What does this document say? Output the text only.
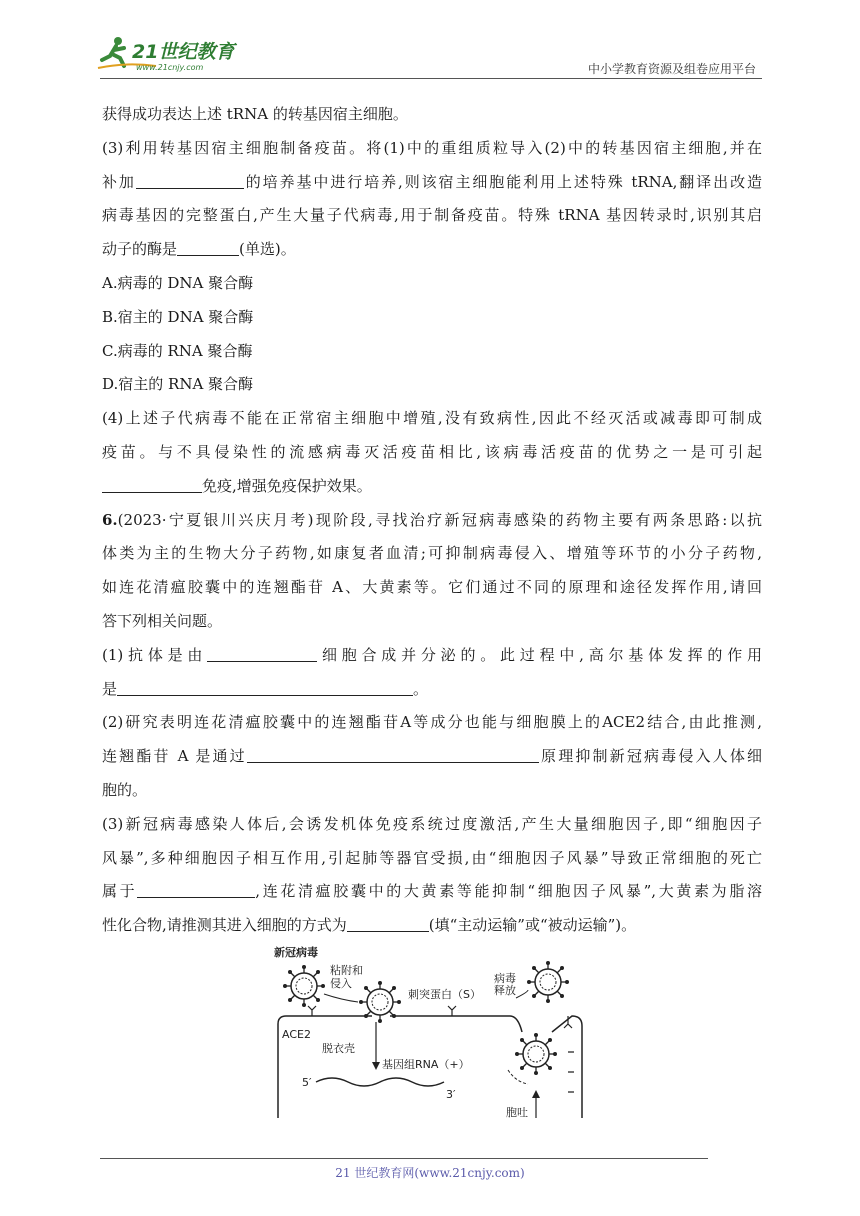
21世纪教育
www.21cnjy.com	中小学教育资源及组卷应用平台
获得成功表达上述 tRNA 的转基因宿主细胞。
(3)利用转基因宿主细胞制备疫苗。将(1)中的重组质粒导入(2)中的转基因宿主细胞,并在
补加	的培养基中进行培养,则该宿主细胞能利用上述特殊 tRNA,翻译出改造
病毒基因的完整蛋白,产生大量子代病毒,用于制备疫苗。特殊 tRNA 基因转录时,识别其启
动子的酶是	(单选)。
A.病毒的 DNA 聚合酶
B.宿主的 DNA 聚合酶
C.病毒的 RNA 聚合酶
D.宿主的 RNA 聚合酶
(4)上述子代病毒不能在正常宿主细胞中增殖,没有致病性,因此不经灭活或减毒即可制成
疫苗。与不具侵染性的流感病毒灭活疫苗相比,该病毒活疫苗的优势之一是可引起
免疫,增强免疫保护效果。
6.(2023·宁夏银川兴庆月考)现阶段,寻找治疗新冠病毒感染的药物主要有两条思路:以抗
体类为主的生物大分子药物,如康复者血清;可抑制病毒侵入、增殖等环节的小分子药物,
如连花清瘟胶囊中的连翘酯苷 A、大黄素等。它们通过不同的原理和途径发挥作用,请回
答下列相关问题。
(1)抗体是由	细胞合成并分泌的。此过程中,高尔基体发挥的作用
是	。
(2)研究表明连花清瘟胶囊中的连翘酯苷A等成分也能与细胞膜上的ACE2结合,由此推测,
连翘酯苷 A 是通过	原理抑制新冠病毒侵入人体细
胞的。
(3)新冠病毒感染人体后,会诱发机体免疫系统过度激活,产生大量细胞因子,即“细胞因子
风暴”,多种细胞因子相互作用,引起肺等器官受损,由“细胞因子风暴”导致正常细胞的死亡
属于	,连花清瘟胶囊中的大黄素等能抑制“细胞因子风暴”,大黄素为脂溶
性化合物,请推测其进入细胞的方式为	(填“主动运输”或“被动运输”)。
新冠病毒
粘附和
侵入
刺突蛋白（S）
病毒
释放
ACE2
脱衣壳
基因组RNA（+）
5′
3′
胞吐
21 世纪教育网(www.21cnjy.com)
